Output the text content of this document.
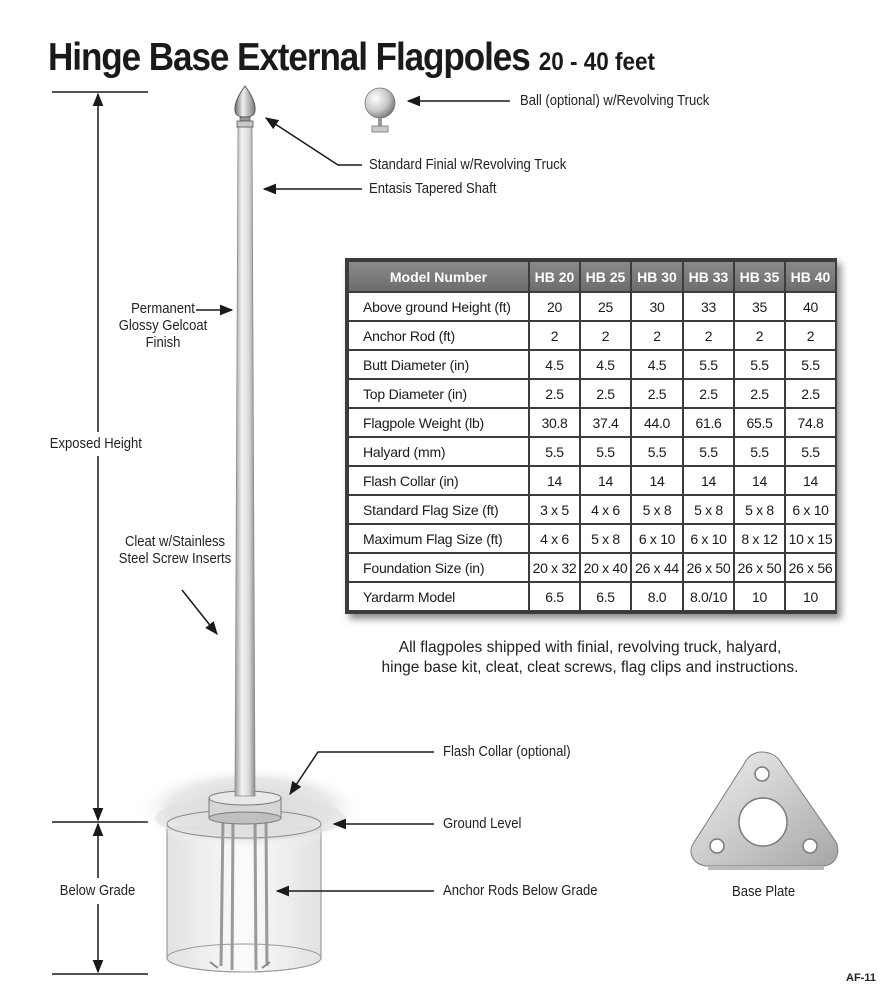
Hinge Base External Flagpoles 20 - 40 feet
Ball (optional) w/Revolving Truck
Standard Finial w/Revolving Truck
Entasis Tapered Shaft
Permanent Glossy Gelcoat Finish
Exposed Height
Cleat w/Stainless Steel Screw Inserts
Flash Collar (optional)
Ground Level
Below Grade	Anchor Rods Below Grade	Base Plate
Model Number	HB 20	HB 25	HB 30	HB 33	HB 35	HB 40
Above ground Height (ft)	20	25	30	33	35	40
Anchor Rod (ft)	2	2	2	2	2	2
Butt Diameter (in)	4.5	4.5	4.5	5.5	5.5	5.5
Top Diameter (in)	2.5	2.5	2.5	2.5	2.5	2.5
Flagpole Weight (lb)	30.8	37.4	44.0	61.6	65.5	74.8
Halyard (mm)	5.5	5.5	5.5	5.5	5.5	5.5
Flash Collar (in)	14	14	14	14	14	14
Standard Flag Size (ft)	3 x 5	4 x 6	5 x 8	5 x 8	5 x 8	6 x 10
Maximum Flag Size (ft)	4 x 6	5 x 8	6 x 10	6 x 10	8 x 12	10 x 15
Foundation Size (in)	20 x 32	20 x 40	26 x 44	26 x 50	26 x 50	26 x 56
Yardarm Model	6.5	6.5	8.0	8.0/10	10	10
All flagpoles shipped with finial, revolving truck, halyard,
hinge base kit, cleat, cleat screws, flag clips and instructions.
AF-11
